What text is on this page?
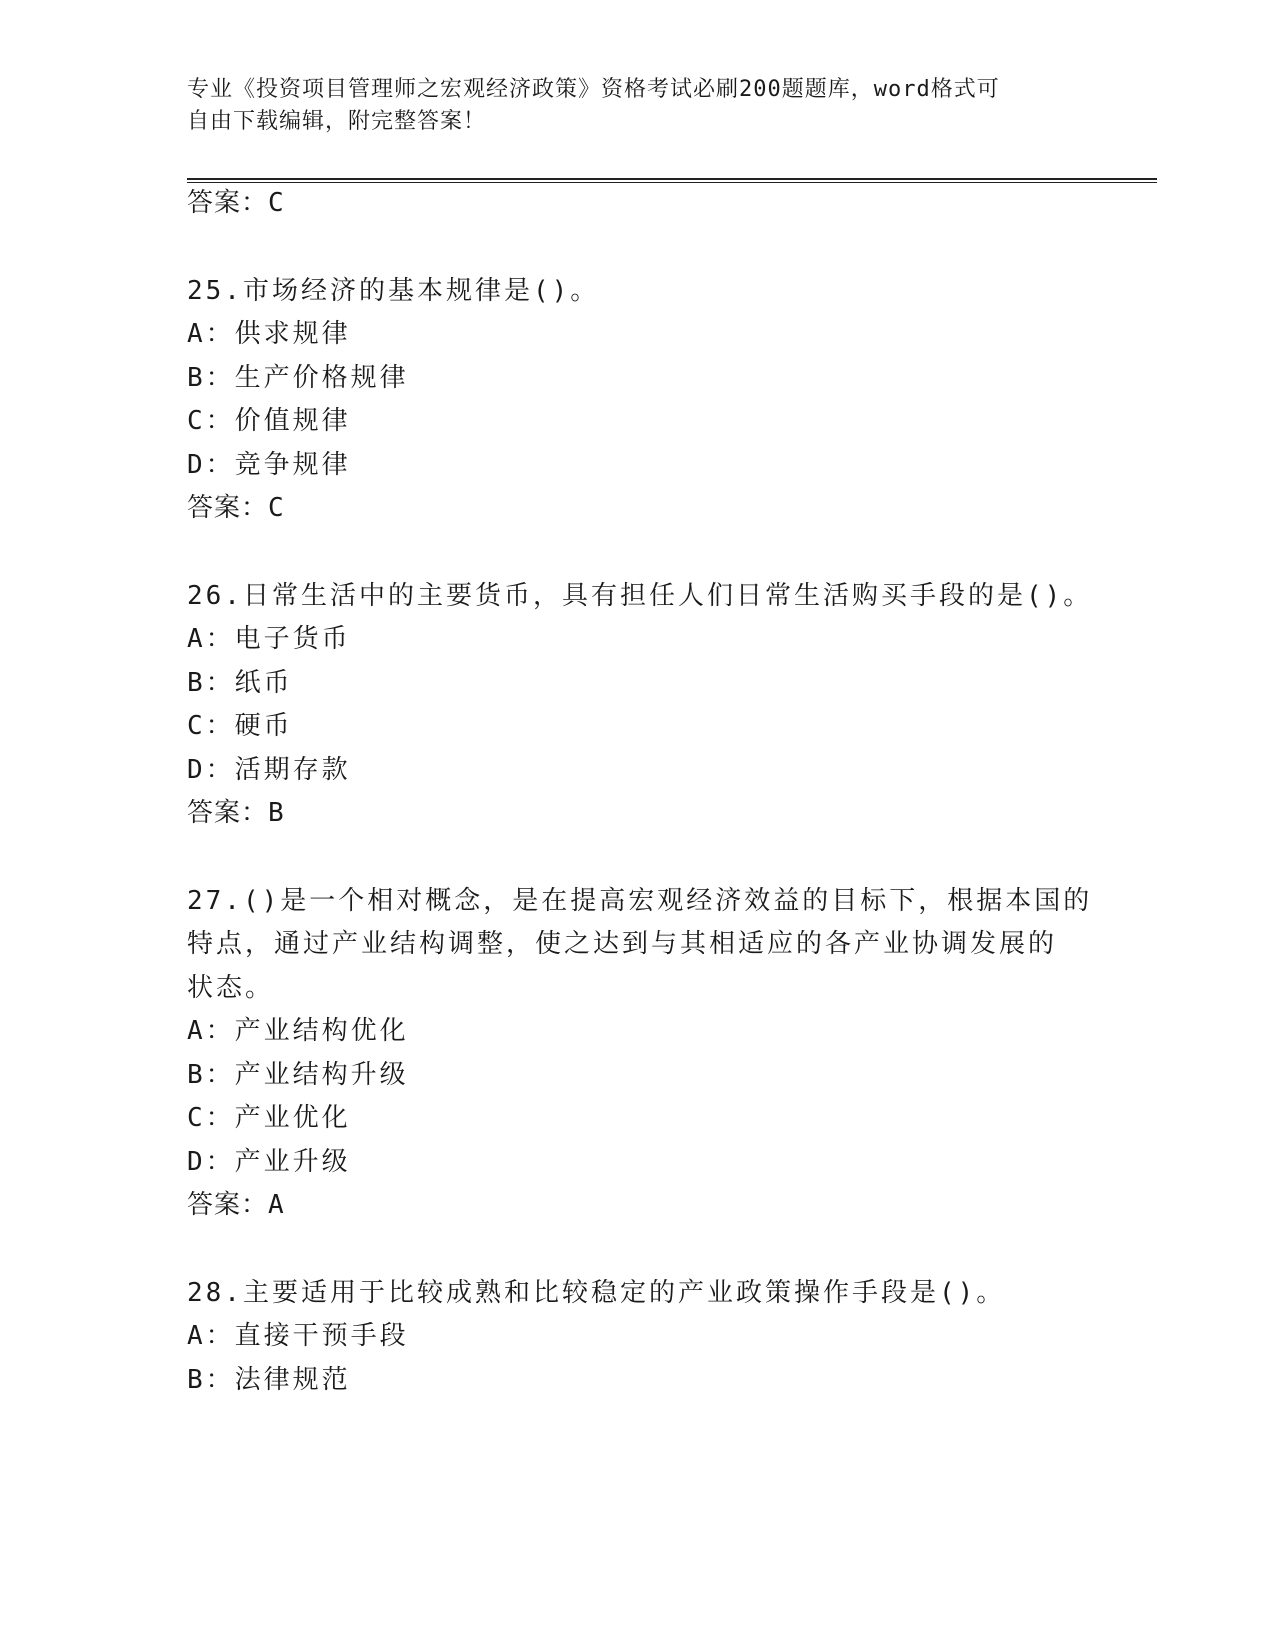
专业《投资项目管理师之宏观经济政策》资格考试必刷200题题库，word格式可
自由下载编辑，附完整答案！
答案：C
25.市场经济的基本规律是()。
A：供求规律
B：生产价格规律
C：价值规律
D：竞争规律
答案：C
26.日常生活中的主要货币，具有担任人们日常生活购买手段的是()。
A：电子货币
B：纸币
C：硬币
D：活期存款
答案：B
27.()是一个相对概念，是在提高宏观经济效益的目标下，根据本国的
特点，通过产业结构调整，使之达到与其相适应的各产业协调发展的
状态。
A：产业结构优化
B：产业结构升级
C：产业优化
D：产业升级
答案：A
28.主要适用于比较成熟和比较稳定的产业政策操作手段是()。
A：直接干预手段
B：法律规范
